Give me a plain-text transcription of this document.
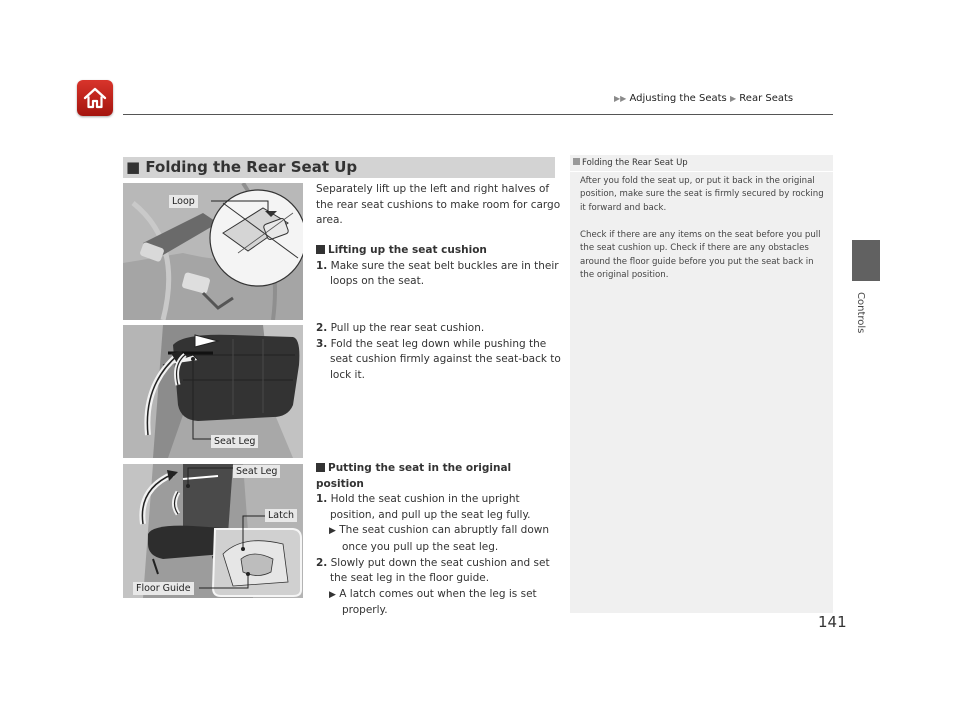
▶▶ Adjusting the Seats ▶ Rear Seats
Controls
■ Folding the Rear Seat Up
Loop
Seat Leg
Seat Leg
Latch
Floor Guide

Separately lift up the left and right halves of the rear seat cushions to make room for cargo area.

Lifting up the seat cushion

1. Make sure the seat belt buckles are in their loops on the seat.

2. Pull up the rear seat cushion.

3. Fold the seat leg down while pushing the seat cushion firmly against the seat-back to lock it.

Putting the seat in the original position

1. Hold the seat cushion in the upright position, and pull up the seat leg fully.

▶ The seat cushion can abruptly fall down once you pull up the seat leg.

2. Slowly put down the seat cushion and set the seat leg in the floor guide.

▶ A latch comes out when the leg is set properly.

Folding the Rear Seat Up

After you fold the seat up, or put it back in the original position, make sure the seat is firmly secured by rocking it forward and back.

Check if there are any items on the seat before you pull the seat cushion up. Check if there are any obstacles around the floor guide before you put the seat back in the original position.

141
